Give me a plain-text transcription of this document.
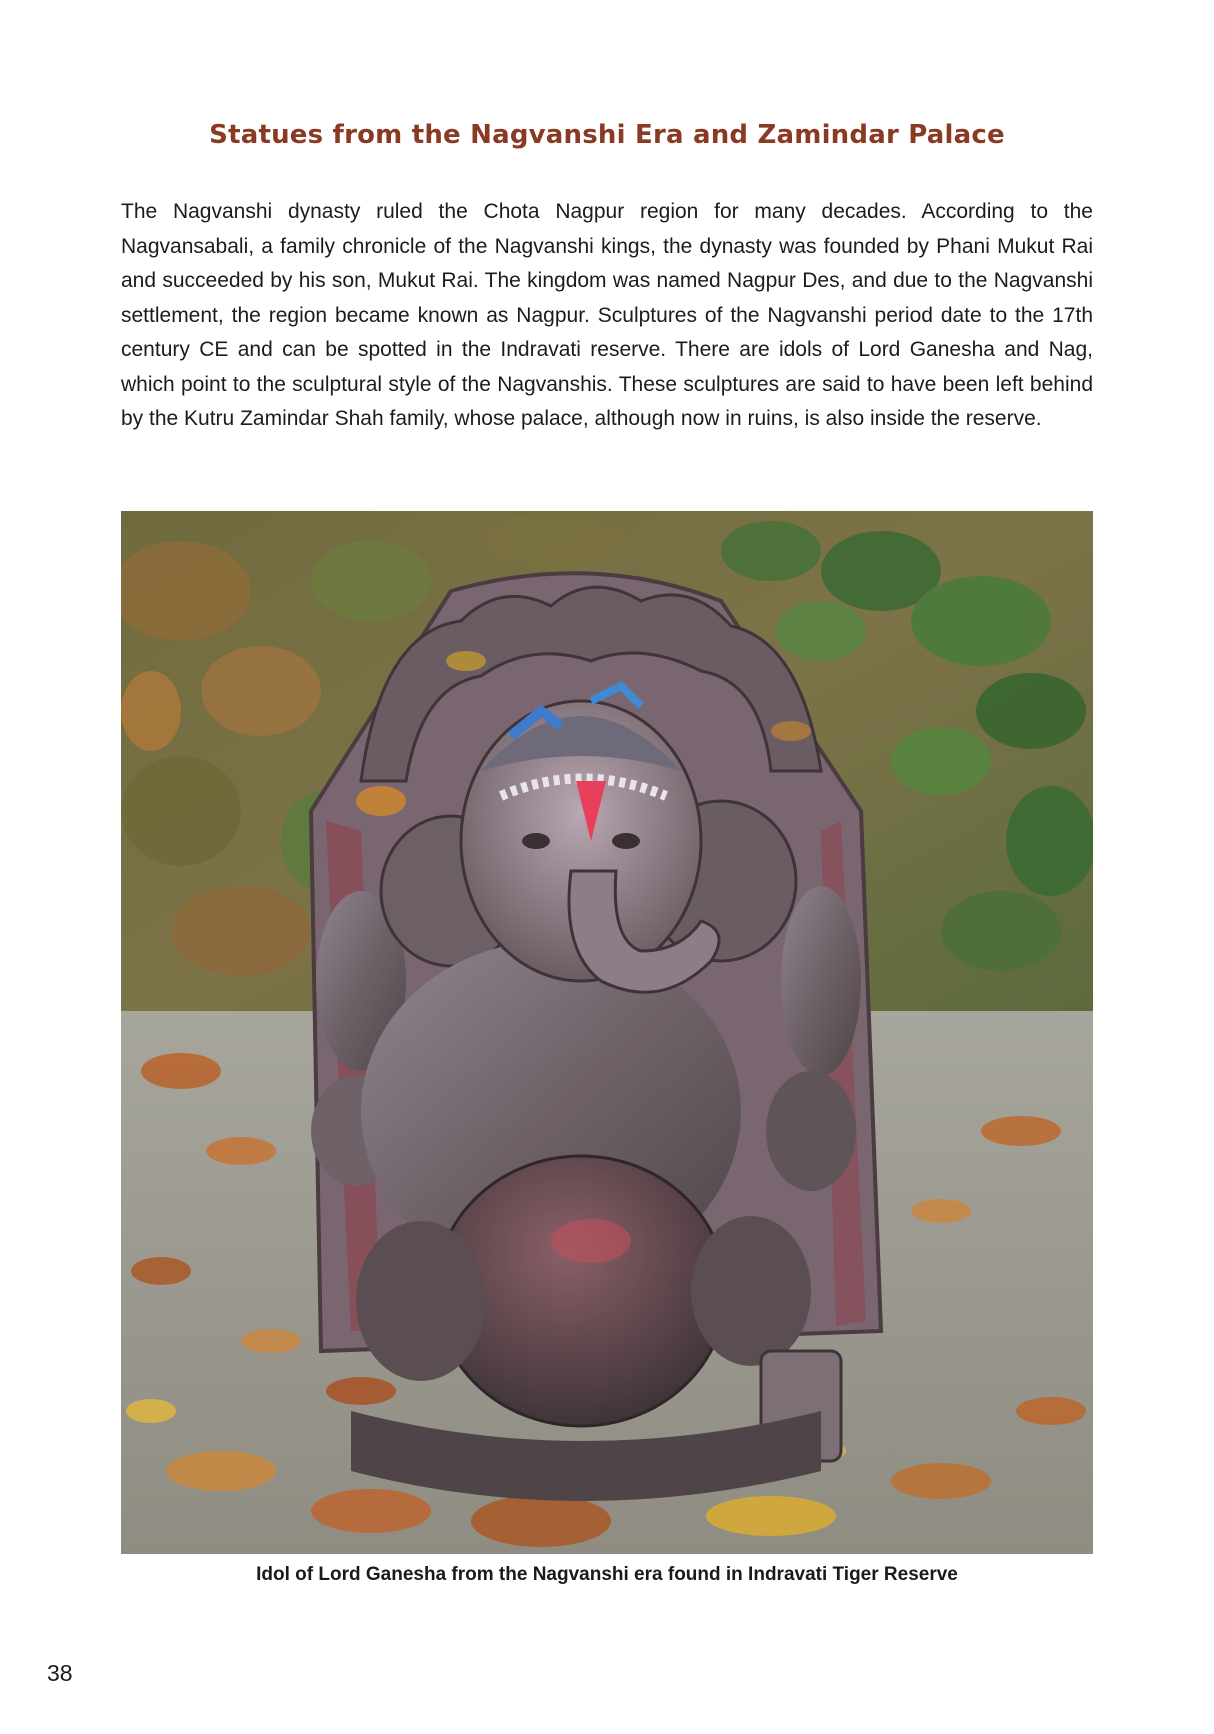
Statues from the Nagvanshi Era and Zamindar Palace

The Nagvanshi dynasty ruled the Chota Nagpur region for many decades. According to the Nagvansabali, a family chronicle of the Nagvanshi kings, the dynasty was founded by Phani Mukut Rai and succeeded by his son, Mukut Rai. The kingdom was named Nagpur Des, and due to the Nagvanshi settlement, the region became known as Nagpur. Sculptures of the Nagvanshi period date to the 17th century CE and can be spotted in the Indravati reserve. There are idols of Lord Ganesha and Nag, which point to the sculptural style of the Nagvanshis. These sculptures are said to have been left behind by the Kutru Zamindar Shah family, whose palace, although now in ruins, is also inside the reserve.

Idol of Lord Ganesha from the Nagvanshi era found in Indravati Tiger Reserve

38
